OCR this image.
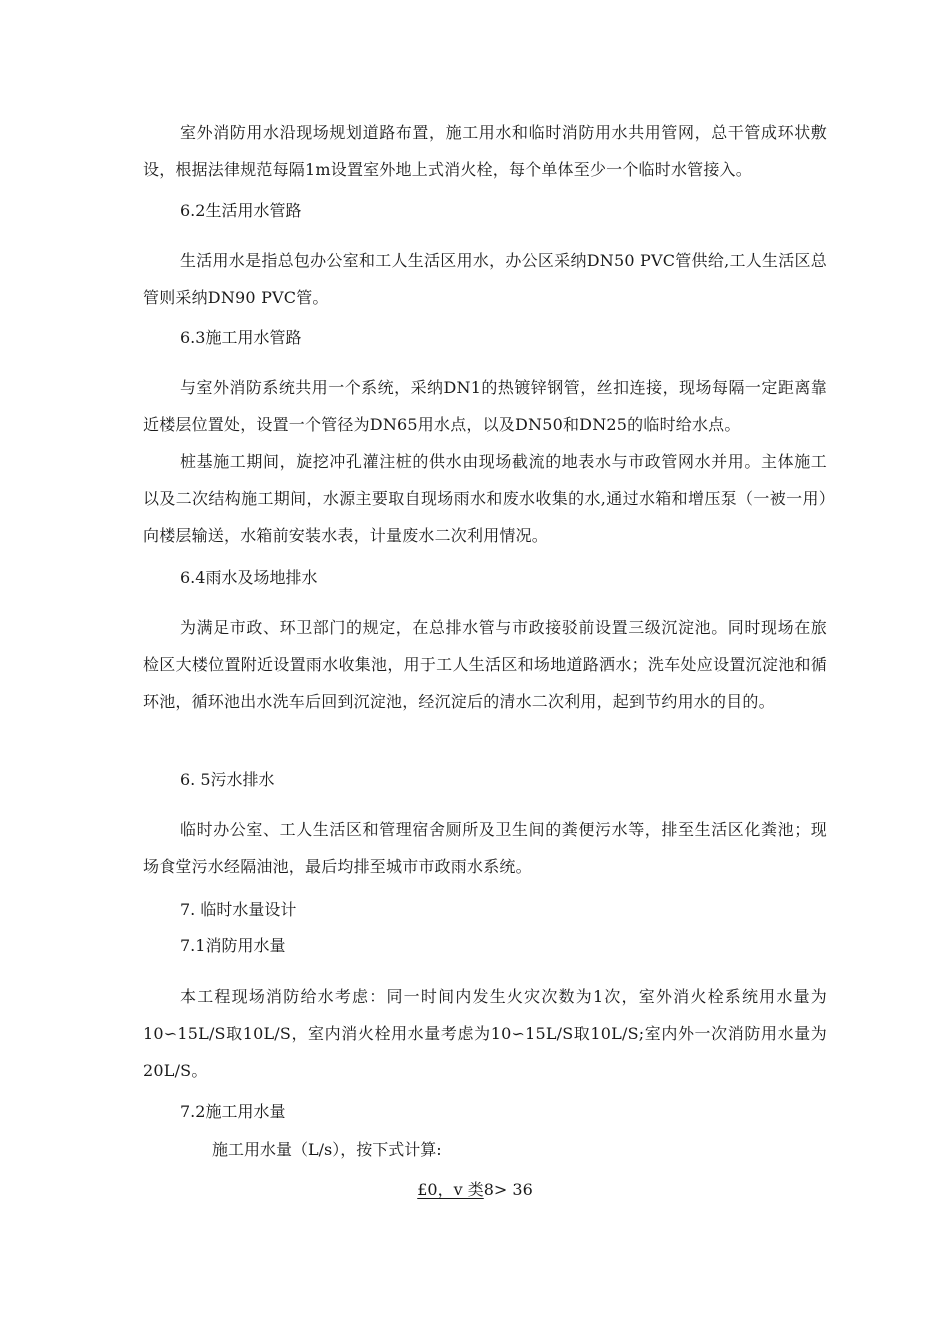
室外消防用水沿现场规划道路布置，施工用水和临时消防用水共用管网，总干管成环状敷设，根据法律规范每隔1m设置室外地上式消火栓，每个单体至少一个临时水管接入。

6.2生活用水管路

生活用水是指总包办公室和工人生活区用水，办公区采纳DN50 PVC管供给,工人生活区总管则采纳DN90 PVC管。

6.3施工用水管路

与室外消防系统共用一个系统，采纳DN1的热镀锌钢管，丝扣连接，现场每隔一定距离靠近楼层位置处，设置一个管径为DN65用水点，以及DN50和DN25的临时给水点。

桩基施工期间，旋挖冲孔灌注桩的供水由现场截流的地表水与市政管网水并用。主体施工以及二次结构施工期间，水源主要取自现场雨水和废水收集的水,通过水箱和增压泵（一被一用）向楼层输送，水箱前安装水表，计量废水二次利用情况。

6.4雨水及场地排水

为满足市政、环卫部门的规定，在总排水管与市政接驳前设置三级沉淀池。同时现场在旅检区大楼位置附近设置雨水收集池，用于工人生活区和场地道路洒水；洗车处应设置沉淀池和循环池，循环池出水洗车后回到沉淀池，经沉淀后的清水二次利用，起到节约用水的目的。

6. 5污水排水

临时办公室、工人生活区和管理宿舍厕所及卫生间的粪便污水等，排至生活区化粪池；现场食堂污水经隔油池，最后均排至城市市政雨水系统。

7. 临时水量设计

7.1消防用水量

本工程现场消防给水考虑：同一时间内发生火灾次数为1次，室外消火栓系统用水量为10∽15L/S取10L/S，室内消火栓用水量考虑为10∽15L/S取10L/S;室内外一次消防用水量为20L/S。

7.2施工用水量

施工用水量（L/s），按下式计算:

£0，v 类8> 36
